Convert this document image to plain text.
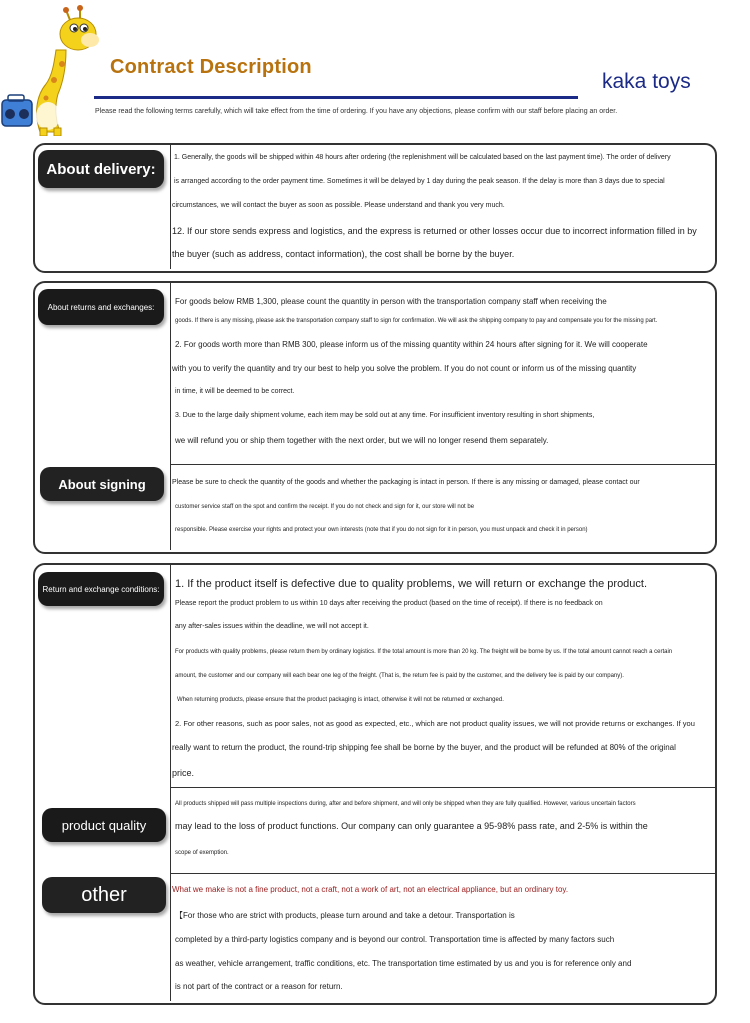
Contract Description
kaka toys
Please read the following terms carefully, which will take effect from the time of ordering. If you have any objections, please confirm with our staff before placing an order.
About delivery:
1. Generally, the goods will be shipped within 48 hours after ordering (the replenishment will be calculated based on the last payment time). The order of delivery
is arranged according to the order payment time. Sometimes it will be delayed by 1 day during the peak season. If the delay is more than 3 days due to special
circumstances, we will contact the buyer as soon as possible. Please understand and thank you very much.
12. If our store sends express and logistics, and the express is returned or other losses occur due to incorrect information filled in by
the buyer (such as address, contact information), the cost shall be borne by the buyer.
About returns and exchanges:
For goods below RMB 1,300, please count the quantity in person with the transportation company staff when receiving the
goods. If there is any missing, please ask the transportation company staff to sign for confirmation. We will ask the shipping company to pay and compensate you for the missing part.
2. For goods worth more than RMB 300, please inform us of the missing quantity within 24 hours after signing for it. We will cooperate
with you to verify the quantity and try our best to help you solve the problem. If you do not count or inform us of the missing quantity
in time, it will be deemed to be correct.
3. Due to the large daily shipment volume, each item may be sold out at any time. For insufficient inventory resulting in short shipments,
we will refund you or ship them together with the next order, but we will no longer resend them separately.
About signing	Please be sure to check the quantity of the goods and whether the packaging is intact in person. If there is any missing or damaged, please contact our
customer service staff on the spot and confirm the receipt. If you do not check and sign for it, our store will not be
responsible. Please exercise your rights and protect your own interests (note that if you do not sign for it in person, you must unpack and check it in person)
Return and exchange conditions:	1. If the product itself is defective due to quality problems, we will return or exchange the product.
Please report the product problem to us within 10 days after receiving the product (based on the time of receipt). If there is no feedback on
any after-sales issues within the deadline, we will not accept it.
For products with quality problems, please return them by ordinary logistics. If the total amount is more than 20 kg. The freight will be borne by us. If the total amount cannot reach a certain
amount, the customer and our company will each bear one leg of the freight. (That is, the return fee is paid by the customer, and the delivery fee is paid by our company).
When returning products, please ensure that the product packaging is intact, otherwise it will not be returned or exchanged.
2. For other reasons, such as poor sales, not as good as expected, etc., which are not product quality issues, we will not provide returns or exchanges. If you
really want to return the product, the round-trip shipping fee shall be borne by the buyer, and the product will be refunded at 80% of the original
price.
product quality
All products shipped will pass multiple inspections during, after and before shipment, and will only be shipped when they are fully qualified. However, various uncertain factors
may lead to the loss of product functions. Our company can only guarantee a 95-98% pass rate, and 2-5% is within the
scope of exemption.
other	What we make is not a fine product, not a craft, not a work of art, not an electrical appliance, but an ordinary toy.
【For those who are strict with products, please turn around and take a detour. Transportation is
completed by a third-party logistics company and is beyond our control. Transportation time is affected by many factors such
as weather, vehicle arrangement, traffic conditions, etc. The transportation time estimated by us and you is for reference only and
is not part of the contract or a reason for return.
